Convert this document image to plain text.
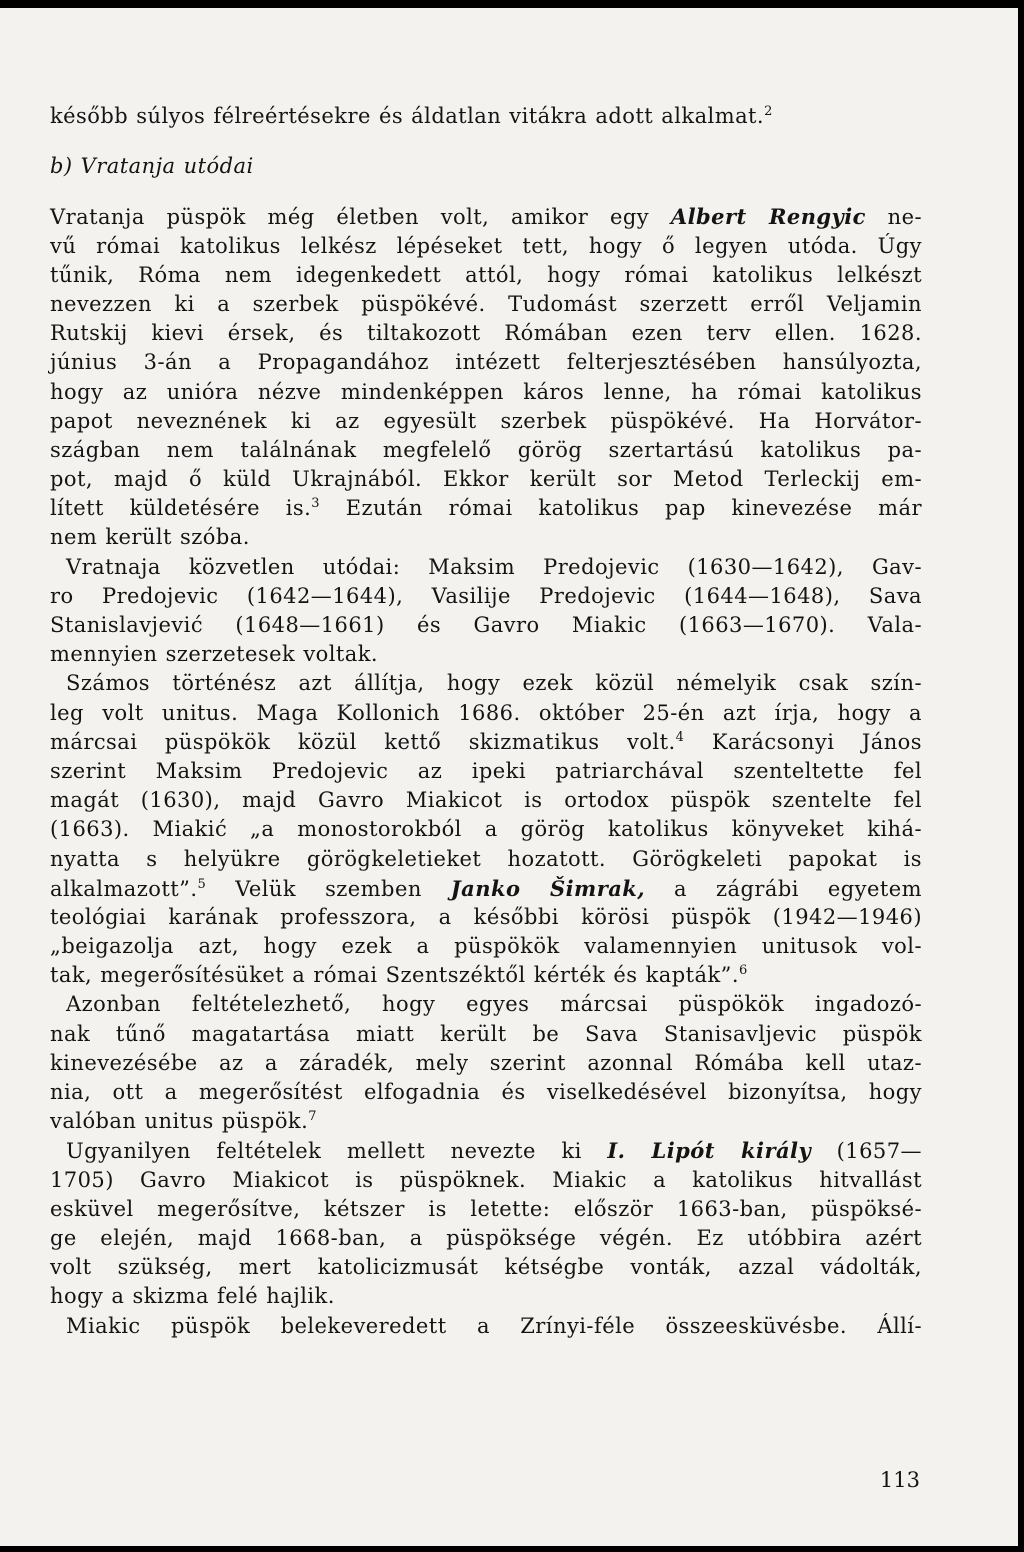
később súlyos félreértésekre és áldatlan vitákra adott alkalmat.$^2$
b) Vratanja utódai
Vratanja püspök még életben volt, amikor egy Albert Rengyic ne-
vű római katolikus lelkész lépéseket tett, hogy ő legyen utóda. Úgy
tűnik, Róma nem idegenkedett attól, hogy római katolikus lelkészt
nevezzen ki a szerbek püspökévé. Tudomást szerzett erről Veljamin
Rutskij kievi érsek, és tiltakozott Rómában ezen terv ellen. 1628.
június 3-án a Propagandához intézett felterjesztésében hansúlyozta,
hogy az unióra nézve mindenképpen káros lenne, ha római katolikus
papot neveznének ki az egyesült szerbek püspökévé. Ha Horvátor-
szágban nem találnának megfelelő görög szertartású katolikus pa-
pot, majd ő küld Ukrajnából. Ekkor került sor Metod Terleckij em-
lített küldetésére is.$^3$ Ezután római katolikus pap kinevezése már
nem került szóba.
Vratnaja közvetlen utódai: Maksim Predojevic (1630—1642), Gav-
ro Predojevic (1642—1644), Vasilije Predojevic (1644—1648), Sava
Stanislavjević (1648—1661) és Gavro Miakic (1663—1670). Vala-
mennyien szerzetesek voltak.
Számos történész azt állítja, hogy ezek közül némelyik csak szín-
leg volt unitus. Maga Kollonich 1686. október 25-én azt írja, hogy a
márcsai püspökök közül kettő skizmatikus volt.$^4$ Karácsonyi János
szerint Maksim Predojevic az ipeki patriarchával szenteltette fel
magát (1630), majd Gavro Miakicot is ortodox püspök szentelte fel
(1663). Miakić „a monostorokból a görög katolikus könyveket kihá-
nyatta s helyükre görögkeletieket hozatott. Görögkeleti papokat is
alkalmazott”.$^5$ Velük szemben Janko Šimrak, a zágrábi egyetem
teológiai karának professzora, a későbbi körösi püspök (1942—1946)
„beigazolja azt, hogy ezek a püspökök valamennyien unitusok vol-
tak, megerősítésüket a római Szentszéktől kérték és kapták”.$^6$
Azonban feltételezhető, hogy egyes márcsai püspökök ingadozó-
nak tűnő magatartása miatt került be Sava Stanisavljevic püspök
kinevezésébe az a záradék, mely szerint azonnal Rómába kell utaz-
nia, ott a megerősítést elfogadnia és viselkedésével bizonyítsa, hogy
valóban unitus püspök.$^7$
Ugyanilyen feltételek mellett nevezte ki I. Lipót király (1657—
1705) Gavro Miakicot is püspöknek. Miakic a katolikus hitvallást
esküvel megerősítve, kétszer is letette: először 1663-ban, püspöksé-
ge elején, majd 1668-ban, a püspöksége végén. Ez utóbbira azért
volt szükség, mert katolicizmusát kétségbe vonták, azzal vádolták,
hogy a skizma felé hajlik.
Miakic püspök belekeveredett a Zrínyi-féle összeesküvésbe. Állí-
113
